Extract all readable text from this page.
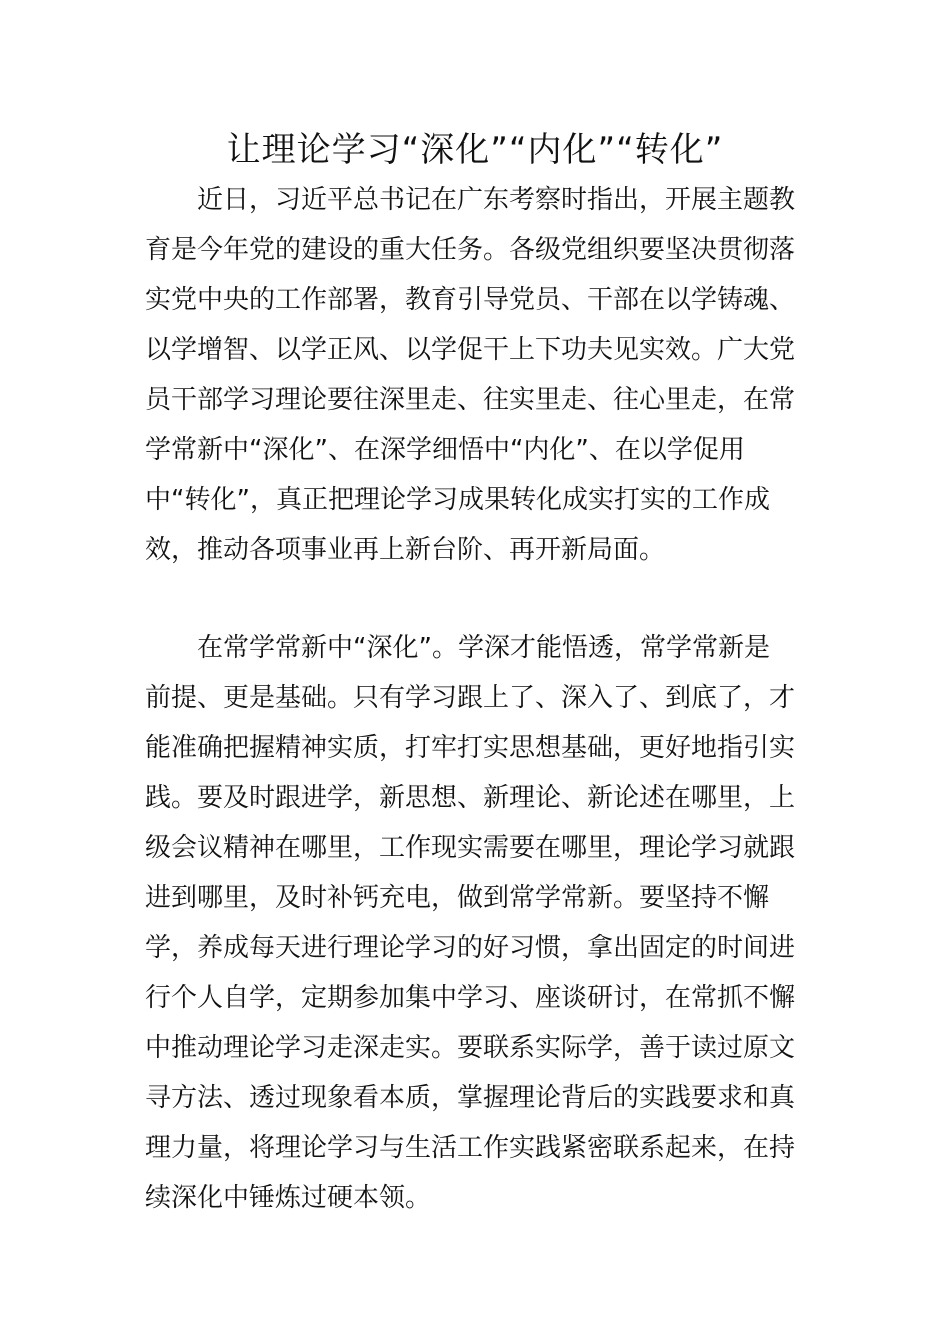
让理论学习“深化”“内化”“转化”

近日，习近平总书记在广东考察时指出，开展主题教
育是今年党的建设的重大任务。各级党组织要坚决贯彻落
实党中央的工作部署，教育引导党员、干部在以学铸魂、
以学增智、以学正风、以学促干上下功夫见实效。广大党
员干部学习理论要往深里走、往实里走、往心里走，在常
学常新中“深化”、在深学细悟中“内化”、在以学促用
中“转化”，真正把理论学习成果转化成实打实的工作成
效，推动各项事业再上新台阶、再开新局面。

在常学常新中“深化”。学深才能悟透，常学常新是
前提、更是基础。只有学习跟上了、深入了、到底了，才
能准确把握精神实质，打牢打实思想基础，更好地指引实
践。要及时跟进学，新思想、新理论、新论述在哪里，上
级会议精神在哪里，工作现实需要在哪里，理论学习就跟
进到哪里，及时补钙充电，做到常学常新。要坚持不懈
学，养成每天进行理论学习的好习惯，拿出固定的时间进
行个人自学，定期参加集中学习、座谈研讨，在常抓不懈
中推动理论学习走深走实。要联系实际学，善于读过原文
寻方法、透过现象看本质，掌握理论背后的实践要求和真
理力量，将理论学习与生活工作实践紧密联系起来，在持
续深化中锤炼过硬本领。
